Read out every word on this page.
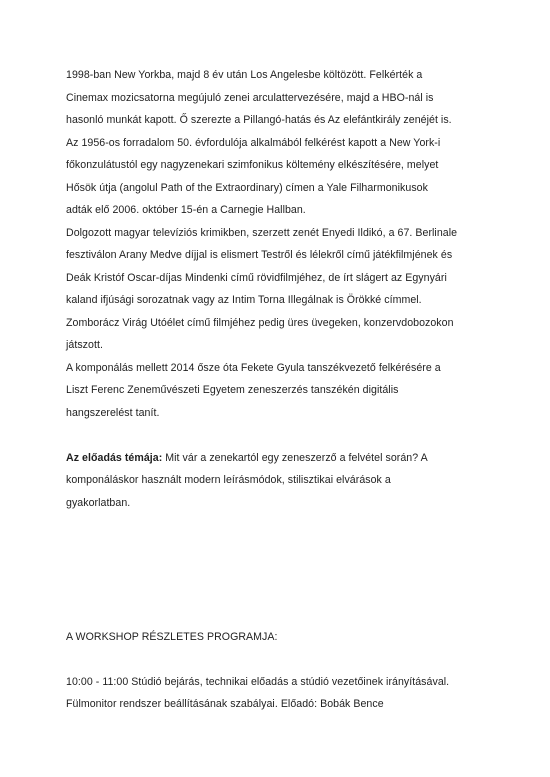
1998-ban New Yorkba, majd 8 év után Los Angelesbe költözött. Felkérték a
Cinemax mozicsatorna megújuló zenei arculattervezésére, majd a HBO-nál is
hasonló munkát kapott. Ő szerezte a Pillangó-hatás és Az elefántkirály zenéjét is.
Az 1956-os forradalom 50. évfordulója alkalmából felkérést kapott a New York-i
főkonzulátustól egy nagyzenekari szimfonikus költemény elkészítésére, melyet
Hősök útja (angolul Path of the Extraordinary) címen a Yale Filharmonikusok
adták elő 2006. október 15-én a Carnegie Hallban.
Dolgozott magyar televíziós krimikben, szerzett zenét Enyedi Ildikó, a 67. Berlinale
fesztiválon Arany Medve díjjal is elismert Testről és lélekről című játékfilmjének és
Deák Kristóf Oscar-díjas Mindenki című rövidfilmjéhez, de írt slágert az Egynyári
kaland ifjúsági sorozatnak vagy az Intim Torna Illegálnak is Örökké címmel.
Zomborácz Virág Utóélet című filmjéhez pedig üres üvegeken, konzervdobozokon
játszott.
A komponálás mellett 2014 ősze óta Fekete Gyula tanszékvezető felkérésére a
Liszt Ferenc Zeneművészeti Egyetem zeneszerzés tanszékén digitális
hangszerelést tanít.
Az előadás témája: Mit vár a zenekartól egy zeneszerző a felvétel során? A
komponáláskor használt modern leírásmódok, stilisztikai elvárások a
gyakorlatban.
A WORKSHOP RÉSZLETES PROGRAMJA:
10:00 - 11:00 Stúdió bejárás, technikai előadás a stúdió vezetőinek irányításával.
Fülmonitor rendszer beállításának szabályai. Előadó: Bobák Bence
